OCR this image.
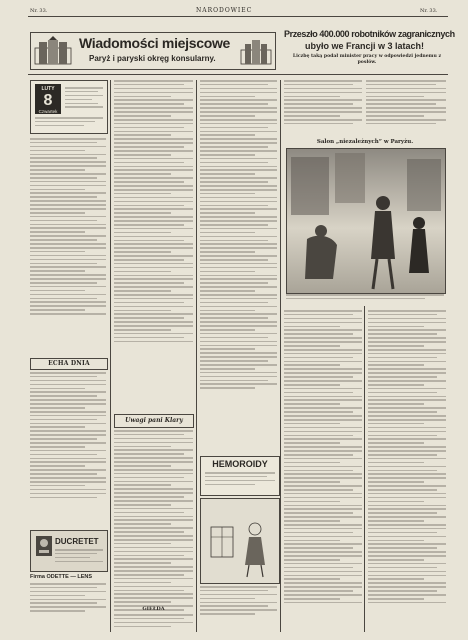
Nr. 33.	NARODOWIEC	Nr. 33.
Wiadomości miejscowe
Paryż i paryski okręg konsularny.
Przeszło 400.000 robotników zagranicznych
ubyło we Francji w 3 latach!
Liczbę taką podał minister pracy w odpowiedzi jednemu z posłów.
LUTY
8
Czwartek
ECHA DNIA
DUCRETET
Firma ODETTE — LENS
Uwagi pani Klary
HEMOROIDY
Salon „niezależnych” w Paryżu.
GIEŁDA
